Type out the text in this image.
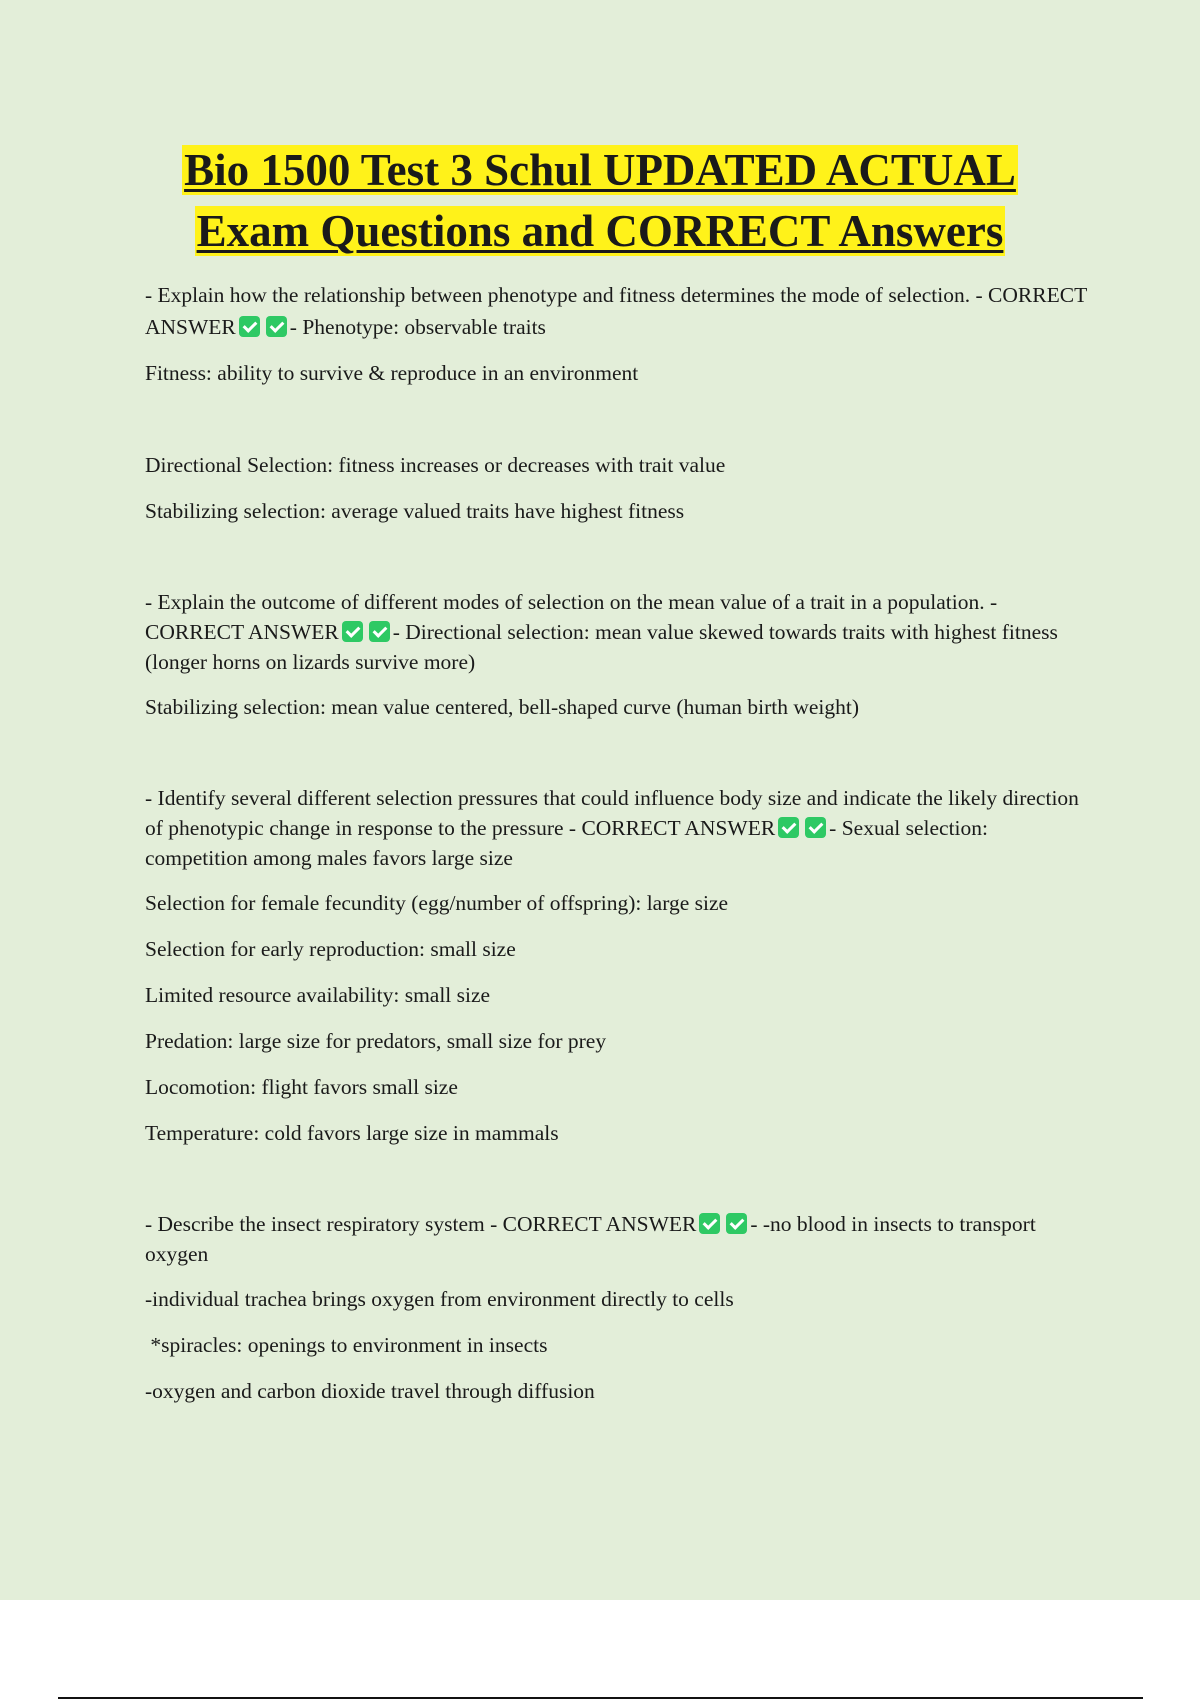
Bio 1500 Test 3 Schul UPDATED ACTUAL
Exam Questions and CORRECT Answers

- Explain how the relationship between phenotype and fitness determines the mode of selection. - CORRECT ANSWER	- Phenotype: observable traits

Fitness: ability to survive & reproduce in an environment

Directional Selection: fitness increases or decreases with trait value

Stabilizing selection: average valued traits have highest fitness

- Explain the outcome of different modes of selection on the mean value of a trait in a population. - CORRECT ANSWER	- Directional selection: mean value skewed towards traits with highest fitness (longer horns on lizards survive more)

Stabilizing selection: mean value centered, bell-shaped curve (human birth weight)

- Identify several different selection pressures that could influence body size and indicate the likely direction of phenotypic change in response to the pressure - CORRECT ANSWER	- Sexual selection: competition among males favors large size

Selection for female fecundity (egg/number of offspring): large size

Selection for early reproduction: small size

Limited resource availability: small size

Predation: large size for predators, small size for prey

Locomotion: flight favors small size

Temperature: cold favors large size in mammals

- Describe the insect respiratory system - CORRECT ANSWER	- -no blood in insects to transport oxygen

-individual trachea brings oxygen from environment directly to cells

*spiracles: openings to environment in insects

-oxygen and carbon dioxide travel through diffusion
